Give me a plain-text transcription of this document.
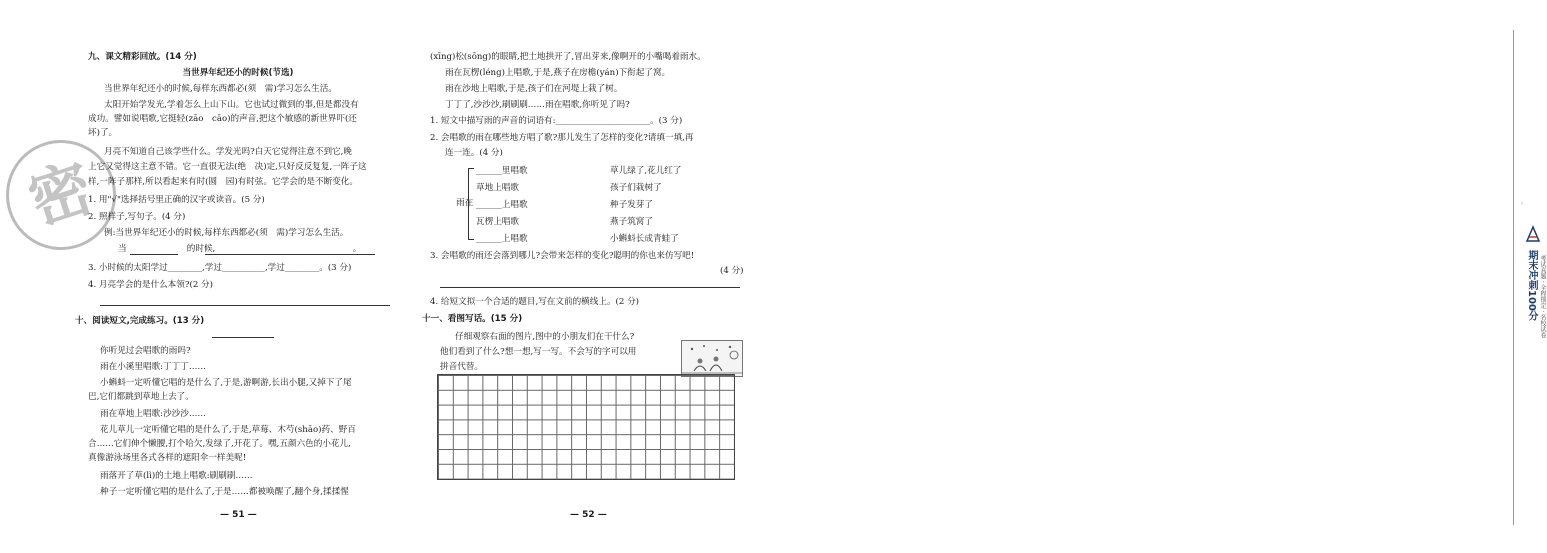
密
九、课文精彩回放。(14 分)
当世界年纪还小的时候(节选)
当世界年纪还小的时候,每样东西都必(须　需)学习怎么生活。
太阳开始学发光,学着怎么上山下山。它也试过微到的事,但是都没有
成功。譬如说唱歌,它挺轻(zāo　cāo)的声音,把这个敏感的新世界吓(还
坏)了。
月亮不知道自己该学些什么。学发光吗?白天它觉得注意不到它,晚
上它又觉得这主意不错。它一直很无法(绝　决)定,只好反反复复,一阵子这
样,一阵子那样,所以看起来有时(圆　园)有时弦。它学会的是不断变化。
1. 用"√"选择括号里正确的汉字或读音。(5 分)
2. 照样子,写句子。(4 分)
例:当世界年纪还小的时候,每样东西都必(须　需)学习怎么生活。
当　　　　　　　的时候,　　　　　　　　　　　　　　　　。
3. 小时候的太阳学过________,学过__________,学过________。(3 分)
4. 月亮学会的是什么本领?(2 分)
十、阅读短文,完成练习。(13 分)
你听见过会唱歌的雨吗?
雨在小溪里唱歌:丁丁丁……
小蝌蚪一定听懂它唱的是什么了,于是,游啊游,长出小腿,又掉下了尾
巴,它们都跳到草地上去了。
雨在草地上唱歌:沙沙沙……
花儿草儿一定听懂它唱的是什么了,于是,草莓、木芍(shāo)药、野百
合……它们伸个懒腰,打个哈欠,发绿了,开花了。嘿,五颜六色的小花儿,
真像游泳场里各式各样的遮阳伞一样美呢!
雨落开了草(lì)的土地上唱歌:刷刷刷……
种子一定听懂它唱的是什么了,于是……都被唤醒了,翻个身,揉揉惺
— 51 —
(xīng)松(sōng)的眼睛,把土地拱开了,冒出芽来,像啊开的小嘴喝着雨水。
雨在瓦楞(léng)上唱歌,于是,燕子在房檐(yán)下衔起了窝。
雨在沙地上唱歌,于是,孩子们在河堤上栽了树。
丁丁了,沙沙沙,刷刷刷……雨在唱歌,你听见了吗?
1. 短文中描写雨的声音的词语有:______________________。(3 分)
2. 会唱歌的雨在哪些地方唱了歌?那儿发生了怎样的变化?请填一填,再
连一连。(4 分)
雨在
______里唱歌
草地上唱歌
______上唱歌
瓦楞上唱歌
______上唱歌
草儿绿了,花儿红了
孩子们栽树了
种子发芽了
燕子筑窝了
小蝌蚪长成青蛙了
3. 会唱歌的雨还会落到哪儿?会带来怎样的变化?聪明的你也来仿写吧!
(4 分)
4. 给短文拟一个合适的题目,写在文前的横线上。(2 分)
十一、看图写话。(15 分)
仔细观察右面的图片,图中的小朋友们在干什么?
他们看到了什么?想一想,写一写。不会写的字可以用
拼音代替。
— 52 —
◦
期末冲刺100分 考试真题 · 全程锁定 · 名校试卷
